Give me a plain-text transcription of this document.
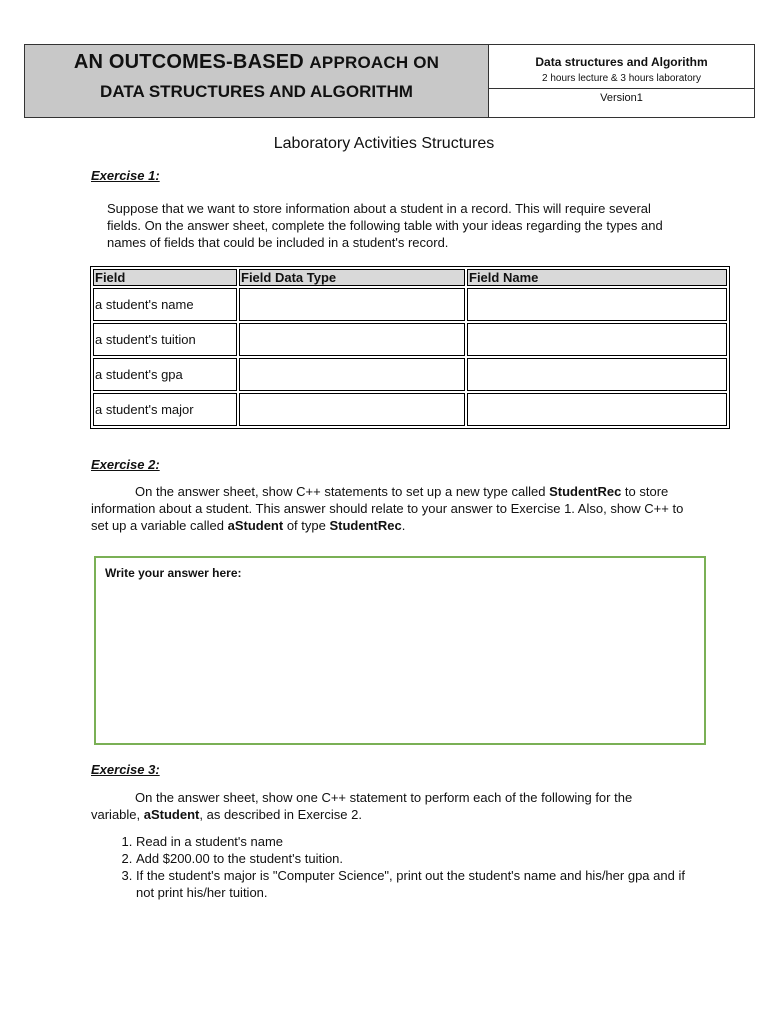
AN OUTCOMES-BASED APPROACH ON
DATA STRUCTURES AND ALGORITHM
Data structures and Algorithm
2 hours lecture & 3 hours laboratory
Version1
Laboratory Activities Structures
Exercise 1:
Suppose that we want to store information about a student in a record. This will require several fields. On the answer sheet, complete the following table with your ideas regarding the types and names of fields that could be included in a student's record.
Field	Field Data Type	Field Name
a student's name		
a student's tuition		
a student's gpa		
a student's major		
Exercise 2:
On the answer sheet, show C++ statements to set up a new type called StudentRec to store information about a student. This answer should relate to your answer to Exercise 1. Also, show C++ to set up a variable called aStudent of type StudentRec.
Write your answer here:
Exercise 3:
On the answer sheet, show one C++ statement to perform each of the following for the variable, aStudent, as described in Exercise 2.
1. Read in a student's name
2. Add $200.00 to the student's tuition.
3. If the student's major is "Computer Science", print out the student's name and his/her gpa and if not print his/her tuition.
